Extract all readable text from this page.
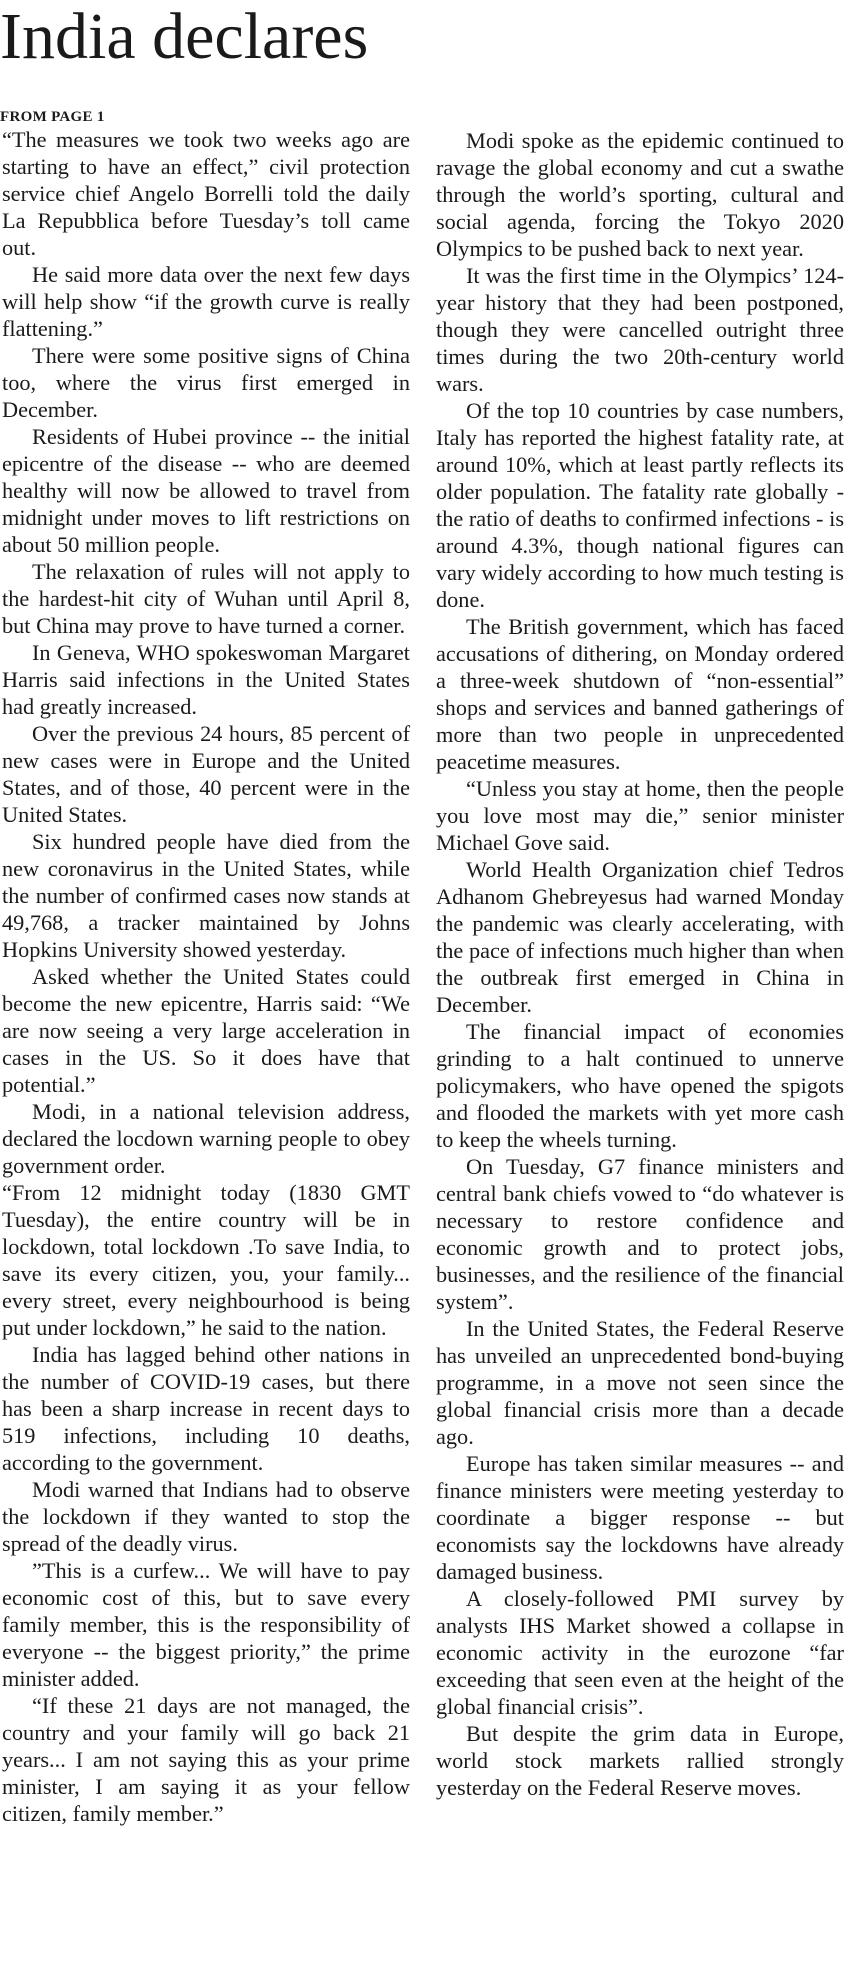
India declares
FROM PAGE 1

“The measures we took two weeks ago are starting to have an effect,” civil protection service chief Angelo Borrelli told the daily La Repubblica before Tuesday’s toll came out.

He said more data over the next few days will help show “if the growth curve is really flattening.”

There were some positive signs of China too, where the virus first emerged in December.

Residents of Hubei province -- the initial epicentre of the disease -- who are deemed healthy will now be allowed to travel from midnight under moves to lift restrictions on about 50 million people.

The relaxation of rules will not apply to the hardest-hit city of Wuhan until April 8, but China may prove to have turned a corner.

In Geneva, WHO spokeswoman Margaret Harris said infections in the United States had greatly increased.

Over the previous 24 hours, 85 percent of new cases were in Europe and the United States, and of those, 40 percent were in the United States.

Six hundred people have died from the new coronavirus in the United States, while the number of confirmed cases now stands at 49,768, a tracker maintained by Johns Hopkins University showed yesterday.

Asked whether the United States could become the new epicentre, Harris said: “We are now seeing a very large acceleration in cases in the US. So it does have that potential.”

Modi, in a national television address, declared the locdown warning people to obey government order.

“From 12 midnight today (1830 GMT Tuesday), the entire country will be in lockdown, total lockdown .To save India, to save its every citizen, you, your family... every street, every neighbourhood is being put under lockdown,” he said to the nation.

India has lagged behind other nations in the number of COVID-19 cases, but there has been a sharp increase in recent days to 519 infections, including 10 deaths, according to the government.

Modi warned that Indians had to observe the lockdown if they wanted to stop the spread of the deadly virus.

”This is a curfew... We will have to pay economic cost of this, but to save every family member, this is the responsibility of everyone -- the biggest priority,” the prime minister added.

“If these 21 days are not managed, the country and your family will go back 21 years... I am not saying this as your prime minister, I am saying it as your fellow citizen, family member.”

Modi spoke as the epidemic continued to ravage the global economy and cut a swathe through the world’s sporting, cultural and social agenda, forcing the Tokyo 2020 Olympics to be pushed back to next year.

It was the first time in the Olympics’ 124-year history that they had been postponed, though they were cancelled outright three times during the two 20th-century world wars.

Of the top 10 countries by case numbers, Italy has reported the highest fatality rate, at around 10%, which at least partly reflects its older population. The fatality rate globally - the ratio of deaths to confirmed infections - is around 4.3%, though national figures can vary widely according to how much testing is done.

The British government, which has faced accusations of dithering, on Monday ordered a three-week shutdown of “non-essential” shops and services and banned gatherings of more than two people in unprecedented peacetime measures.

“Unless you stay at home, then the people you love most may die,” senior minister Michael Gove said.

World Health Organization chief Tedros Adhanom Ghebreyesus had warned Monday the pandemic was clearly accelerating, with the pace of infections much higher than when the outbreak first emerged in China in December.

The financial impact of economies grinding to a halt continued to unnerve policymakers, who have opened the spigots and flooded the markets with yet more cash to keep the wheels turning.

On Tuesday, G7 finance ministers and central bank chiefs vowed to “do whatever is necessary to restore confidence and economic growth and to protect jobs, businesses, and the resilience of the financial system”.

In the United States, the Federal Reserve has unveiled an unprecedented bond-buying programme, in a move not seen since the global financial crisis more than a decade ago.

Europe has taken similar measures -- and finance ministers were meeting yesterday to coordinate a bigger response -- but economists say the lockdowns have already damaged business.

A closely-followed PMI survey by analysts IHS Market showed a collapse in economic activity in the eurozone “far exceeding that seen even at the height of the global financial crisis”.

But despite the grim data in Europe, world stock markets rallied strongly yesterday on the Federal Reserve moves.
